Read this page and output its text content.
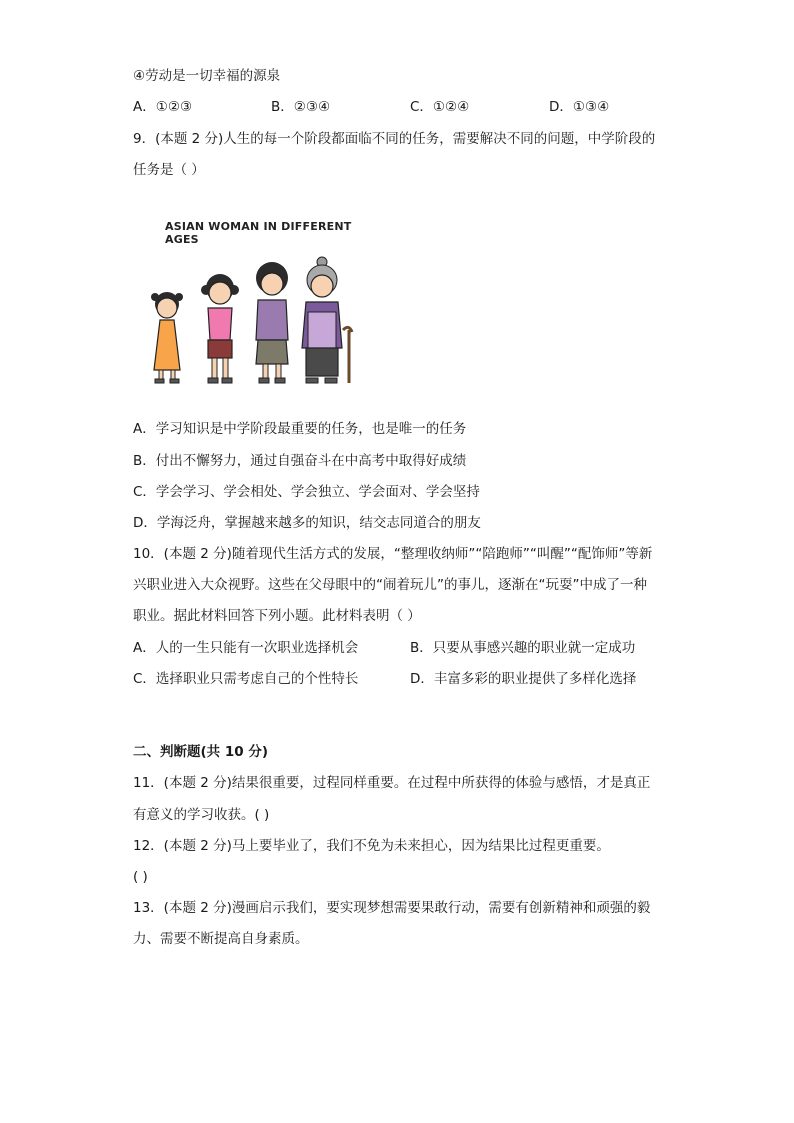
④劳动是一切幸福的源泉
A．①②③	B．②③④	C．①②④	D．①③④
9．(本题 2 分)人生的每一个阶段都面临不同的任务，需要解决不同的问题，中学阶段的
任务是（ ）
ASIAN WOMAN IN DIFFERENT AGES
A．学习知识是中学阶段最重要的任务，也是唯一的任务
B．付出不懈努力，通过自强奋斗在中高考中取得好成绩
C．学会学习、学会相处、学会独立、学会面对、学会坚持
D．学海泛舟，掌握越来越多的知识，结交志同道合的朋友
10．(本题 2 分)随着现代生活方式的发展，“整理收纳师”“陪跑师”“叫醒”“配饰师”等新
兴职业进入大众视野。这些在父母眼中的“闹着玩儿”的事儿，逐渐在“玩耍”中成了一种
职业。据此材料回答下列小题。此材料表明（ ）
A．人的一生只能有一次职业选择机会	B．只要从事感兴趣的职业就一定成功
C．选择职业只需考虑自己的个性特长	D．丰富多彩的职业提供了多样化选择
二、判断题(共 10 分)
11．(本题 2 分)结果很重要，过程同样重要。在过程中所获得的体验与感悟，才是真正
有意义的学习收获。( )
12．(本题 2 分)马上要毕业了，我们不免为未来担心，因为结果比过程更重要。
( )
13．(本题 2 分)漫画启示我们，要实现梦想需要果敢行动，需要有创新精神和顽强的毅
力、需要不断提高自身素质。
